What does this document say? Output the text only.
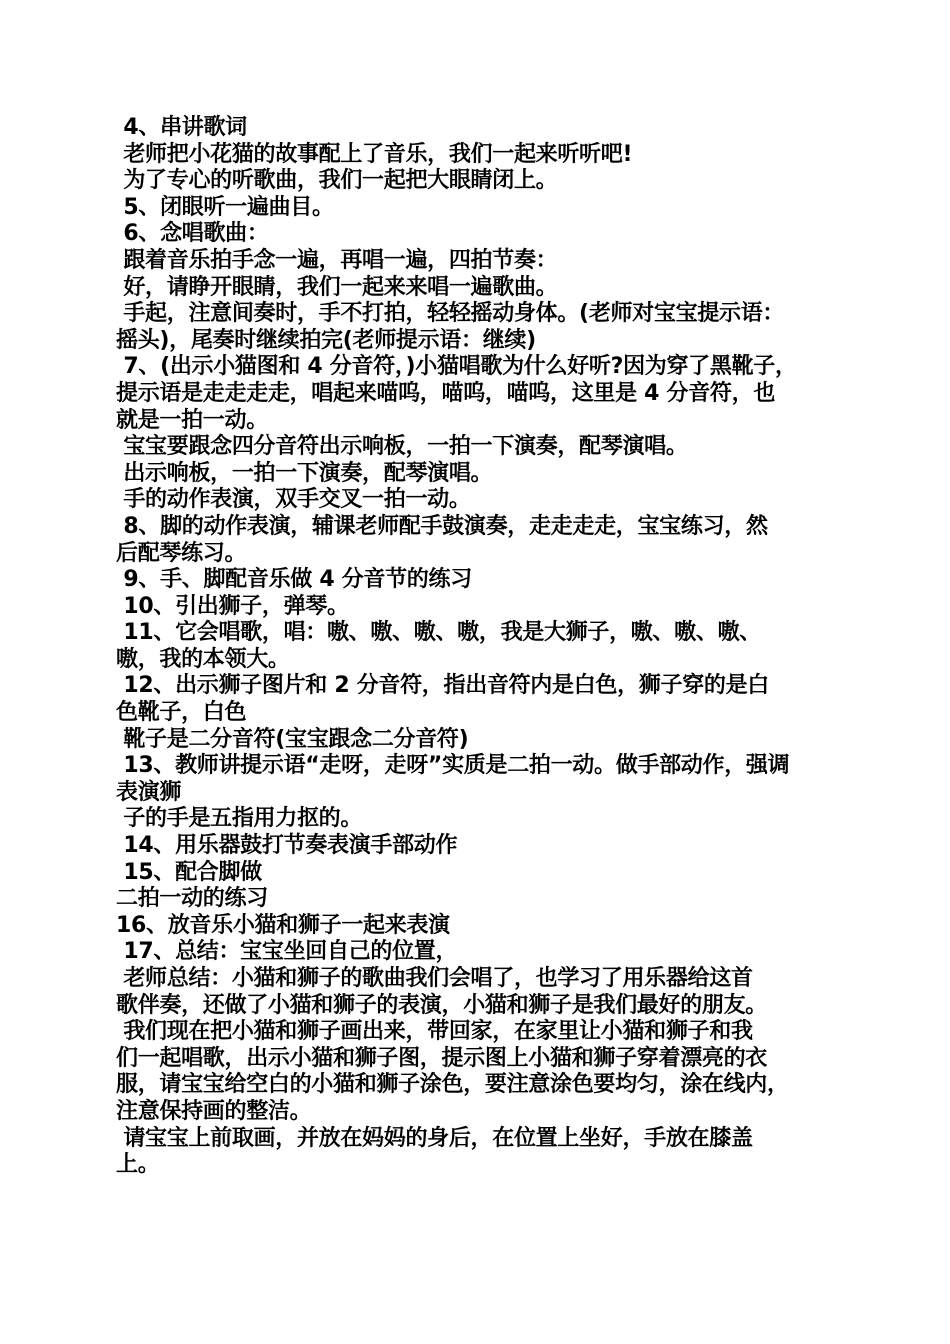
4、串讲歌词
老师把小花猫的故事配上了音乐，我们一起来听听吧!
为了专心的听歌曲，我们一起把大眼睛闭上。
5、闭眼听一遍曲目。
6、念唱歌曲：
跟着音乐拍手念一遍，再唱一遍，四拍节奏：
好，请睁开眼睛，我们一起来来唱一遍歌曲。
手起，注意间奏时，手不打拍，轻轻摇动身体。(老师对宝宝提示语：
摇头)，尾奏时继续拍完(老师提示语：继续)
7、(出示小猫图和 4 分音符，)小猫唱歌为什么好听?因为穿了黑靴子，
提示语是走走走走，唱起来喵呜，喵呜，喵呜，这里是 4 分音符，也
就是一拍一动。
宝宝要跟念四分音符出示响板，一拍一下演奏，配琴演唱。
出示响板，一拍一下演奏，配琴演唱。
手的动作表演，双手交叉一拍一动。
8、脚的动作表演，辅课老师配手鼓演奏，走走走走，宝宝练习，然
后配琴练习。
9、手、脚配音乐做 4 分音节的练习
10、引出狮子，弹琴。
11、它会唱歌，唱：嗷、嗷、嗷、嗷，我是大狮子，嗷、嗷、嗷、
嗷，我的本领大。
12、出示狮子图片和 2 分音符，指出音符内是白色，狮子穿的是白
色靴子，白色
靴子是二分音符(宝宝跟念二分音符)
13、教师讲提示语“走呀，走呀”实质是二拍一动。做手部动作，强调
表演狮
子的手是五指用力抠的。
14、用乐器鼓打节奏表演手部动作
15、配合脚做
二拍一动的练习
16、放音乐小猫和狮子一起来表演
17、总结：宝宝坐回自己的位置，
老师总结：小猫和狮子的歌曲我们会唱了，也学习了用乐器给这首
歌伴奏，还做了小猫和狮子的表演，小猫和狮子是我们最好的朋友。
我们现在把小猫和狮子画出来，带回家，在家里让小猫和狮子和我
们一起唱歌，出示小猫和狮子图，提示图上小猫和狮子穿着漂亮的衣
服，请宝宝给空白的小猫和狮子涂色，要注意涂色要均匀，涂在线内，
注意保持画的整洁。
请宝宝上前取画，并放在妈妈的身后，在位置上坐好，手放在膝盖
上。
